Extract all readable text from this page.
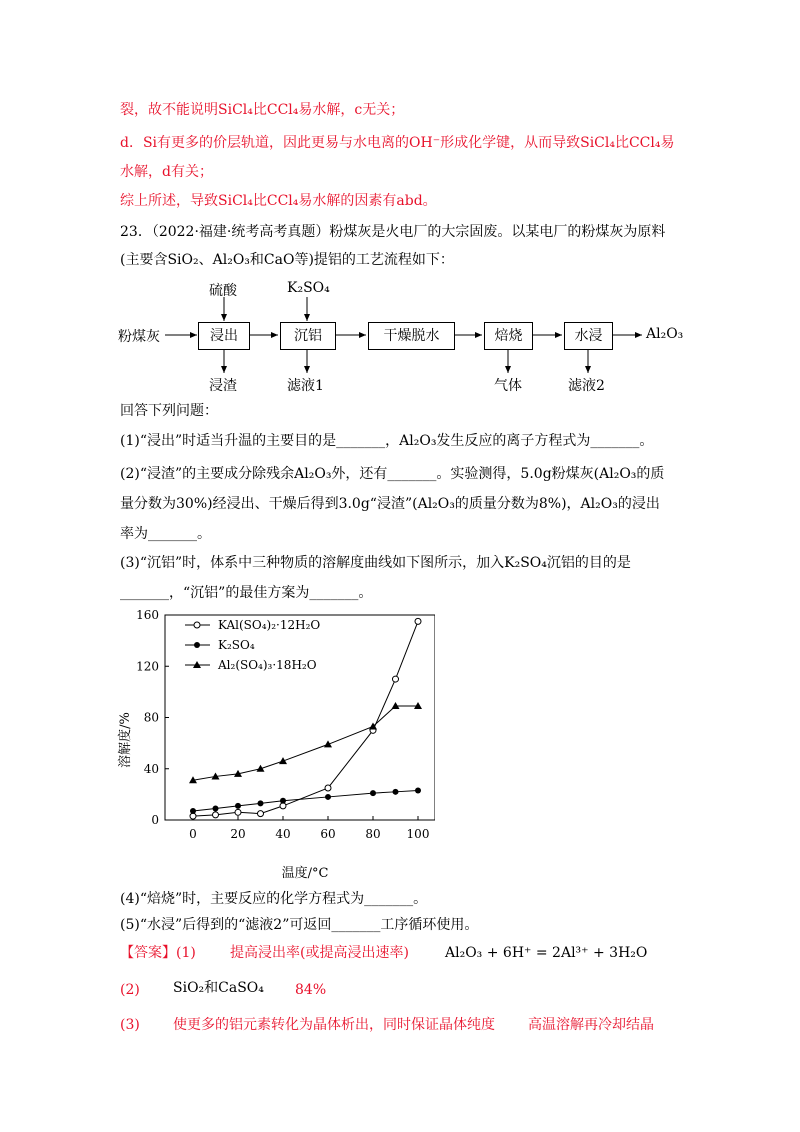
裂，故不能说明SiCl₄比CCl₄易水解，c无关；
d．Si有更多的价层轨道，因此更易与水电离的OH⁻形成化学键，从而导致SiCl₄比CCl₄易
水解，d有关；
综上所述，导致SiCl₄比CCl₄易水解的因素有abd。
23．（2022·福建·统考高考真题）粉煤灰是火电厂的大宗固废。以某电厂的粉煤灰为原料
(主要含SiO₂、Al₂O₃和CaO等)提铝的工艺流程如下：
粉煤灰	浸出	沉铝	干燥脱水	焙烧	水浸	Al₂O₃
硫酸	K₂SO₄
浸渣	滤液1	气体	滤液2
回答下列问题：
(1)“浸出”时适当升温的主要目的是_______，Al₂O₃发生反应的离子方程式为_______。
(2)“浸渣”的主要成分除残余Al₂O₃外，还有_______。实验测得，5.0g粉煤灰(Al₂O₃的质
量分数为30%)经浸出、干燥后得到3.0g“浸渣”(Al₂O₃的质量分数为8%)，Al₂O₃的浸出
率为_______。
(3)“沉铝”时，体系中三种物质的溶解度曲线如下图所示，加入K₂SO₄沉铝的目的是
_______，“沉铝”的最佳方案为_______。
0	20 40 60 80 100
0
40
80
120
160
KAl(SO₄)₂·12H₂O
K₂SO₄
Al₂(SO₄)₃·18H₂O
溶解度/%
温度/°C
(4)“焙烧”时，主要反应的化学方程式为_______。
(5)“水浸”后得到的“滤液2”可返回_______工序循环使用。
【答案】(1) 提高浸出率(或提高浸出速率)	Al₂O₃ + 6H⁺ = 2Al³⁺ + 3H₂O
(2) SiO₂和CaSO₄ 84%
(3) 使更多的铝元素转化为晶体析出，同时保证晶体纯度 高温溶解再冷却结晶
